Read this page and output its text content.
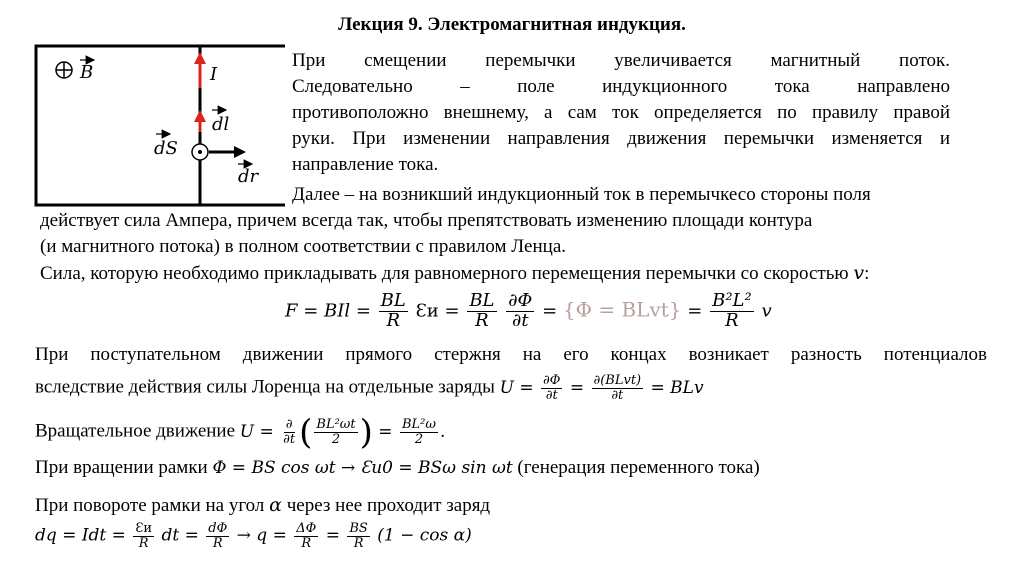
Лекция 9. Электромагнитная индукция.
B	I
dl
dS
dr
При смещении перемычки увеличивается магнитный поток.
Следовательно – поле индукционного тока направлено
противоположно внешнему, а сам ток определяется по правилу правой
руки. При изменении направления движения перемычки изменяется и
направление тока.
Далее – на возникший индукционный ток в перемычкесо стороны поля
действует сила Ампера, причем всегда так, чтобы препятствовать изменению площади контура
(и магнитного потока) в полном соответствии с правилом Ленца.
Сила, которую необходимо прикладывать для равномерного перемещения перемычки со скоростью v:
F = BIl = $\frac{BL}{R}$ Ɛи = $\frac{BL}{R}$
$\frac{\partial\Phi}{\partial t} = \{\Phi$ = BLvt} = $\frac{\text{B²L²}}{R}$ v
При поступательном движении прямого стержня на его концах возникает разность потенциалов
вследствие действия силы Лоренца на отдельные заряды $U = \frac{\partial\Phi}{\partial t} = \frac{\text{∂(BLvt)}}{\partial t}$ = BLv
Вращательное движение $U = \frac{\partial}{\partial t}$ ( $\frac{\text{BL²ωt}}{2}$ ) = $\frac{\text{BL²ω}}{2}$ .
При вращении рамки Φ = BS cos ωt → Ɛи0 = BSω sin ωt (генерация переменного тока)
При повороте рамки на угол α через нее проходит заряд
dq = Idt = $\frac{Ɛи}{R}$ dt = $\frac{d\Phi}{R} \to q = \frac{\Delta\Phi}{R} = \frac{BS}{R} (1 - \cos \alpha)$
